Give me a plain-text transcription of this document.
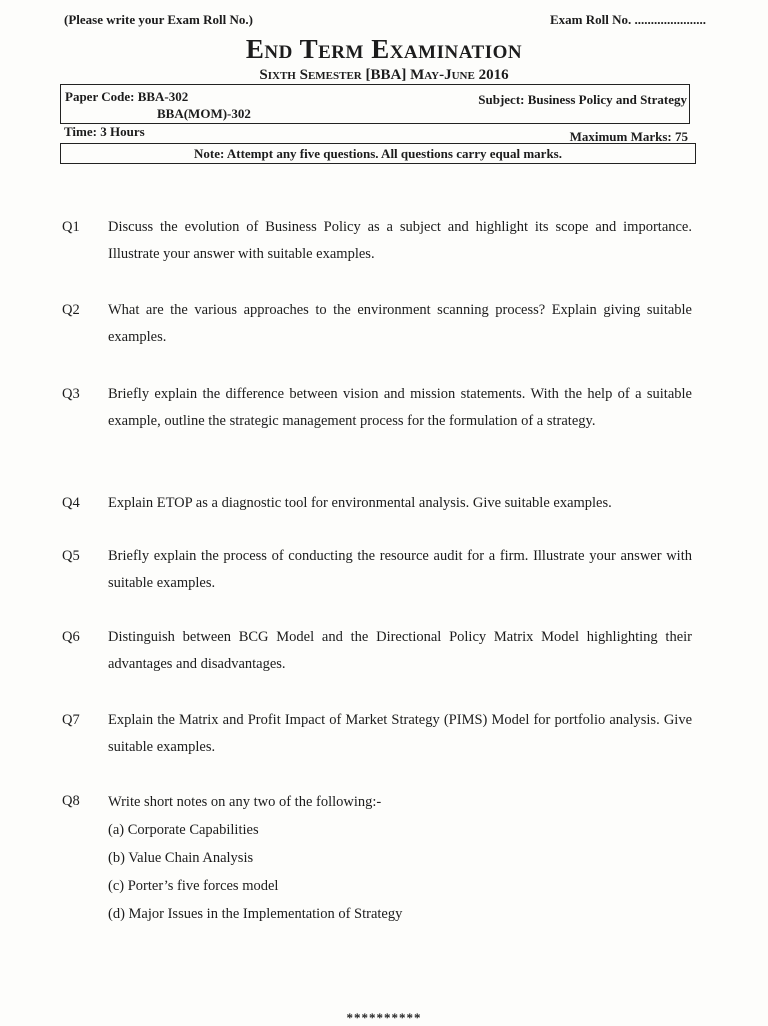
(Please write your Exam Roll No.)	Exam Roll No. ......................
End Term Examination
Sixth Semester [BBA] May-June 2016
Paper Code: BBA-302
BBA(MOM)-302
Subject: Business Policy and Strategy
Time: 3 Hours	Maximum Marks: 75
Note: Attempt any five questions. All questions carry equal marks.
Q1 Discuss the evolution of Business Policy as a subject and highlight its scope and importance. Illustrate your answer with suitable examples.
Q2 What are the various approaches to the environment scanning process? Explain giving suitable examples.
Q3 Briefly explain the difference between vision and mission statements. With the help of a suitable example, outline the strategic management process for the formulation of a strategy.
Q4 Explain ETOP as a diagnostic tool for environmental analysis. Give suitable examples.
Q5 Briefly explain the process of conducting the resource audit for a firm. Illustrate your answer with suitable examples.
Q6 Distinguish between BCG Model and the Directional Policy Matrix Model highlighting their advantages and disadvantages.
Q7 Explain the Matrix and Profit Impact of Market Strategy (PIMS) Model for portfolio analysis. Give suitable examples.
Q8 Write short notes on any two of the following:-
(a) Corporate Capabilities
(b) Value Chain Analysis
(c) Porter’s five forces model
(d) Major Issues in the Implementation of Strategy
**********
